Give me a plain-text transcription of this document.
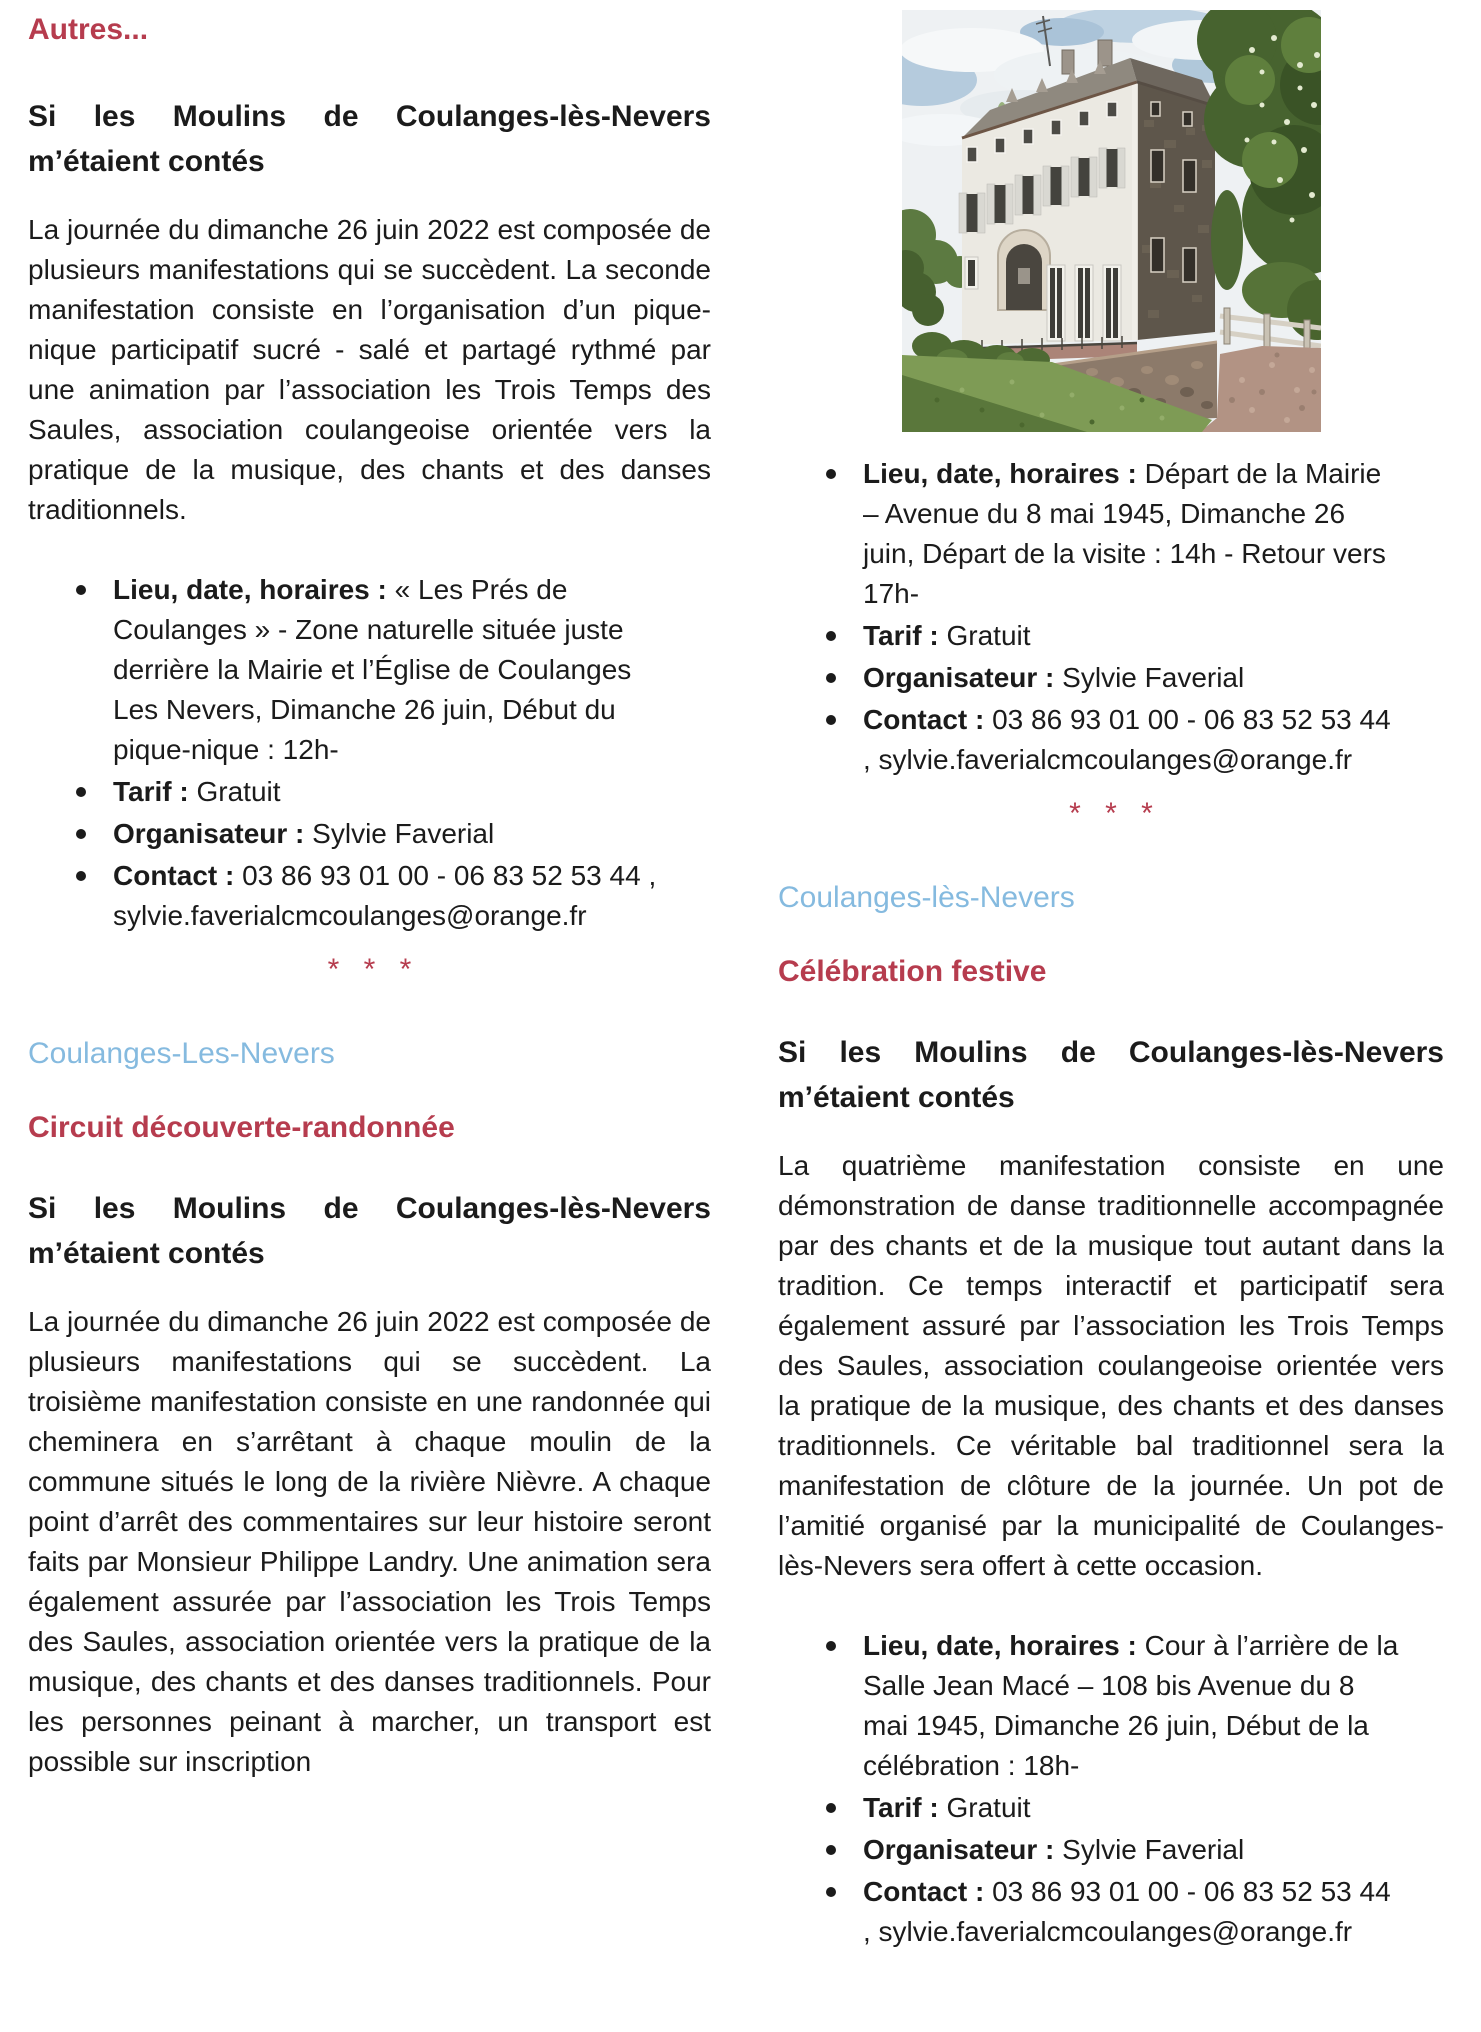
Autres...
Si les Moulins de Coulanges-lès-Nevers m’étaient contés

La journée du dimanche 26 juin 2022 est composée de plusieurs manifestations qui se succèdent. La seconde manifestation consiste en l’organisation d’un pique-nique participatif sucré - salé et partagé rythmé par une animation par l’association les Trois Temps des Saules, association coulangeoise orientée vers la pratique de la musique, des chants et des danses traditionnels.

Lieu, date, horaires : « Les Prés de Coulanges » - Zone naturelle située juste derrière la Mairie et l’Église de Coulanges Les Nevers, Dimanche 26 juin, Début du pique-nique : 12h-
Tarif : Gratuit
Organisateur : Sylvie Faverial
Contact : 03 86 93 01 00 - 06 83 52 53 44 , sylvie.faverialcmcoulanges@orange.fr
* * *
Coulanges-Les-Nevers
Circuit découverte-randonnée
Si les Moulins de Coulanges-lès-Nevers m’étaient contés

La journée du dimanche 26 juin 2022 est composée de plusieurs manifestations qui se succèdent. La troisième manifestation consiste en une randonnée qui cheminera en s’arrêtant à chaque moulin de la commune situés le long de la rivière Nièvre. A chaque point d’arrêt des commentaires sur leur histoire seront faits par Monsieur Philippe Landry. Une animation sera également assurée par l’association les Trois Temps des Saules, association orientée vers la pratique de la musique, des chants et des danses traditionnels. Pour les personnes peinant à marcher, un transport est possible sur inscription

Lieu, date, horaires : Départ de la Mairie – Avenue du 8 mai 1945, Dimanche 26 juin, Départ de la visite : 14h - Retour vers 17h-
Tarif : Gratuit
Organisateur : Sylvie Faverial
Contact : 03 86 93 01 00 - 06 83 52 53 44 , sylvie.faverialcmcoulanges@orange.fr
* * *
Coulanges-lès-Nevers
Célébration festive
Si les Moulins de Coulanges-lès-Nevers m’étaient contés

La quatrième manifestation consiste en une démonstration de danse traditionnelle accompagnée par des chants et de la musique tout autant dans la tradition. Ce temps interactif et participatif sera également assuré par l’association les Trois Temps des Saules, association coulangeoise orientée vers la pratique de la musique, des chants et des danses traditionnels. Ce véritable bal traditionnel sera la manifestation de clôture de la journée. Un pot de l’amitié organisé par la municipalité de Coulanges-lès-Nevers sera offert à cette occasion.

Lieu, date, horaires : Cour à l’arrière de la Salle Jean Macé – 108 bis Avenue du 8 mai 1945, Dimanche 26 juin, Début de la célébration : 18h-
Tarif : Gratuit
Organisateur : Sylvie Faverial
Contact : 03 86 93 01 00 - 06 83 52 53 44 , sylvie.faverialcmcoulanges@orange.fr
